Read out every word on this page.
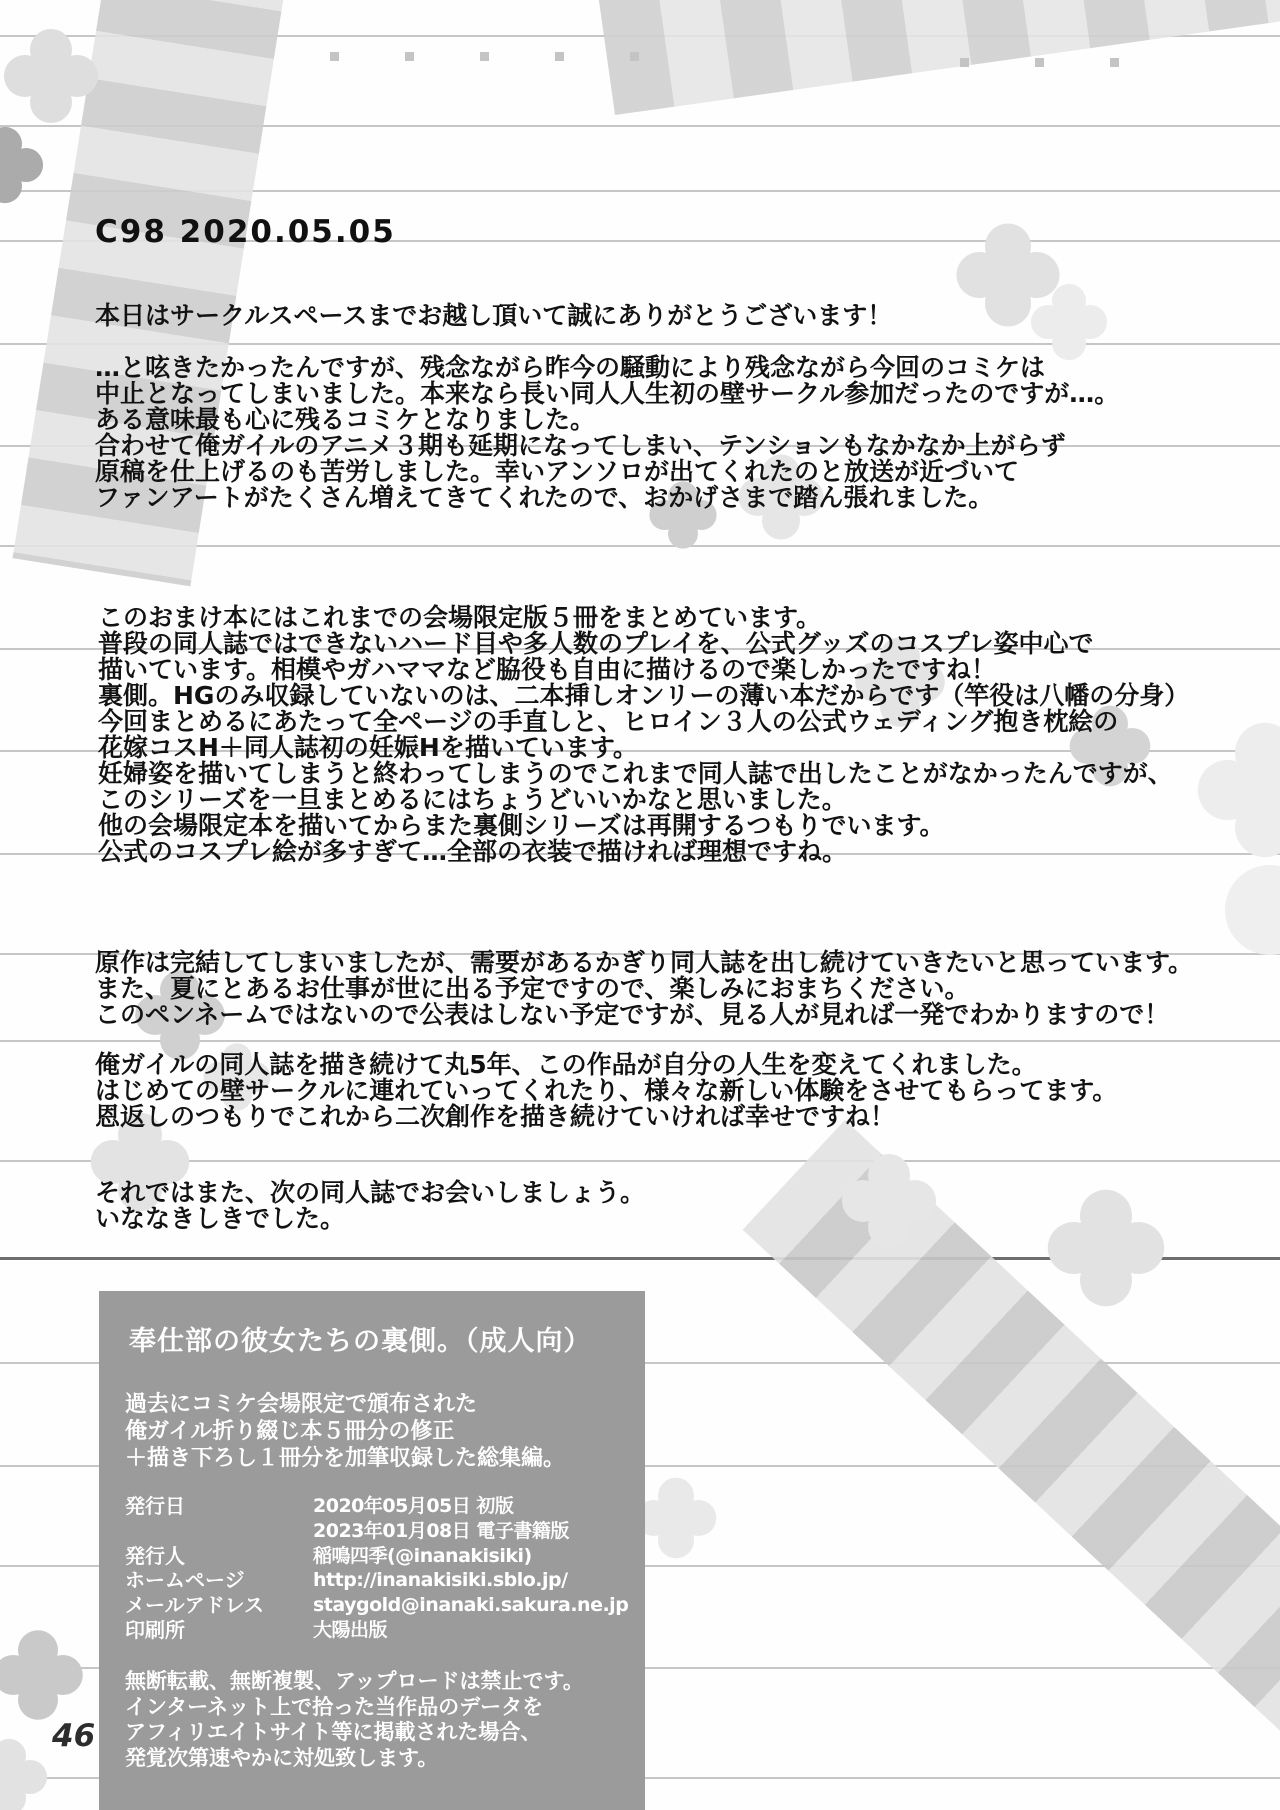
C98 2020.05.05
本日はサークルスペースまでお越し頂いて誠にありがとうございます！
…と呟きたかったんですが、残念ながら昨今の騒動により残念ながら今回のコミケは
中止となってしまいました。本来なら長い同人人生初の壁サークル参加だったのですが…。
ある意味最も心に残るコミケとなりました。
合わせて俺ガイルのアニメ３期も延期になってしまい、テンションもなかなか上がらず
原稿を仕上げるのも苦労しました。幸いアンソロが出てくれたのと放送が近づいて
ファンアートがたくさん増えてきてくれたので、おかげさまで踏ん張れました。
このおまけ本にはこれまでの会場限定版５冊をまとめています。
普段の同人誌ではできないハード目や多人数のプレイを、公式グッズのコスプレ姿中心で
描いています。相模やガハママなど脇役も自由に描けるので楽しかったですね！
裏側。HGのみ収録していないのは、二本挿しオンリーの薄い本だからです（竿役は八幡の分身）
今回まとめるにあたって全ページの手直しと、ヒロイン３人の公式ウェディング抱き枕絵の
花嫁コスH＋同人誌初の妊娠Hを描いています。
妊婦姿を描いてしまうと終わってしまうのでこれまで同人誌で出したことがなかったんですが、
このシリーズを一旦まとめるにはちょうどいいかなと思いました。
他の会場限定本を描いてからまた裏側シリーズは再開するつもりでいます。
公式のコスプレ絵が多すぎて…全部の衣装で描ければ理想ですね。
原作は完結してしまいましたが、需要があるかぎり同人誌を出し続けていきたいと思っています。
また、夏にとあるお仕事が世に出る予定ですので、楽しみにおまちください。
このペンネームではないので公表はしない予定ですが、見る人が見れば一発でわかりますので！
俺ガイルの同人誌を描き続けて丸5年、この作品が自分の人生を変えてくれました。
はじめての壁サークルに連れていってくれたり、様々な新しい体験をさせてもらってます。
恩返しのつもりでこれから二次創作を描き続けていければ幸せですね！
それではまた、次の同人誌でお会いしましょう。
いななきしきでした。
奉仕部の彼女たちの裏側。（成人向）
過去にコミケ会場限定で頒布された
俺ガイル折り綴じ本５冊分の修正
＋描き下ろし１冊分を加筆収録した総集編。
発行日	2020年05月05日 初版
2023年01月08日 電子書籍版
発行人	稲鳴四季(@inanakisiki)
ホームページ	http://inanakisiki.sblo.jp/
メールアドレス	staygold@inanaki.sakura.ne.jp
印刷所	大陽出版
無断転載、無断複製、アップロードは禁止です。
インターネット上で拾った当作品のデータを
アフィリエイトサイト等に掲載された場合、
発覚次第速やかに対処致します。
46
